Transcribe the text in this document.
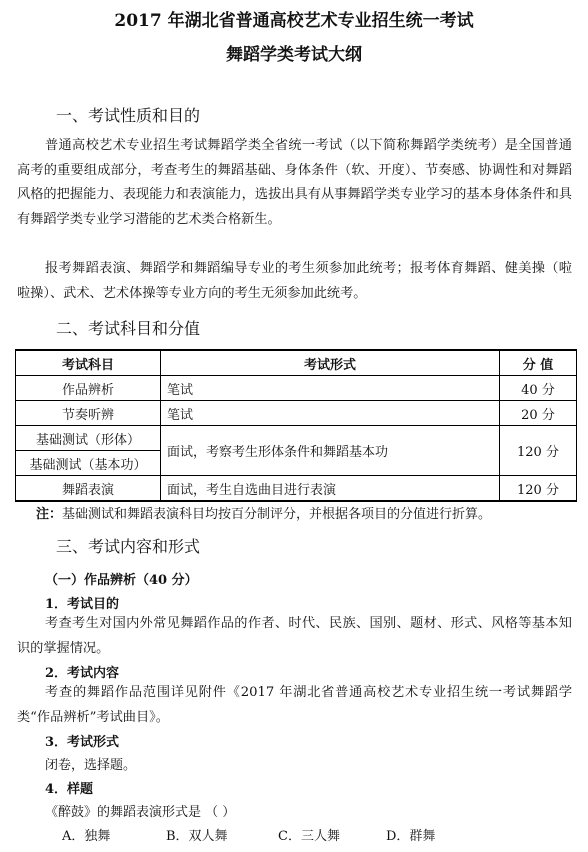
2017 年湖北省普通高校艺术专业招生统一考试
舞蹈学类考试大纲
一、考试性质和目的

普通高校艺术专业招生考试舞蹈学类全省统一考试（以下简称舞蹈学类统考）是全国普通高考的重要组成部分，考查考生的舞蹈基础、身体条件（软、开度）、节奏感、协调性和对舞蹈风格的把握能力、表现能力和表演能力，选拔出具有从事舞蹈学类专业学习的基本身体条件和具有舞蹈学类专业学习潜能的艺术类合格新生。

报考舞蹈表演、舞蹈学和舞蹈编导专业的考生须参加此统考；报考体育舞蹈、健美操（啦啦操）、武术、艺术体操等专业方向的考生无须参加此统考。

二、考试科目和分值
考试科目	考试形式	分 值
作品辨析	笔试	40 分
节奏听辨	笔试	20 分
基础测试（形体）	面试，考察考生形体条件和舞蹈基本功	120 分
基础测试（基本功）		
舞蹈表演	面试，考生自选曲目进行表演	120 分
注：基础测试和舞蹈表演科目均按百分制评分，并根据各项目的分值进行折算。
三、考试内容和形式
（一）作品辨析（40 分）
1．考试目的

考查考生对国内外常见舞蹈作品的作者、时代、民族、国别、题材、形式、风格等基本知识的掌握情况。

2．考试内容

考查的舞蹈作品范围详见附件《2017 年湖北省普通高校艺术专业招生统一考试舞蹈学类“作品辨析”考试曲目》。

3．考试形式
闭卷，选择题。
4．样题
《醉鼓》的舞蹈表演形式是 （ ）
A．独舞	B．双人舞	C．三人舞	D．群舞
